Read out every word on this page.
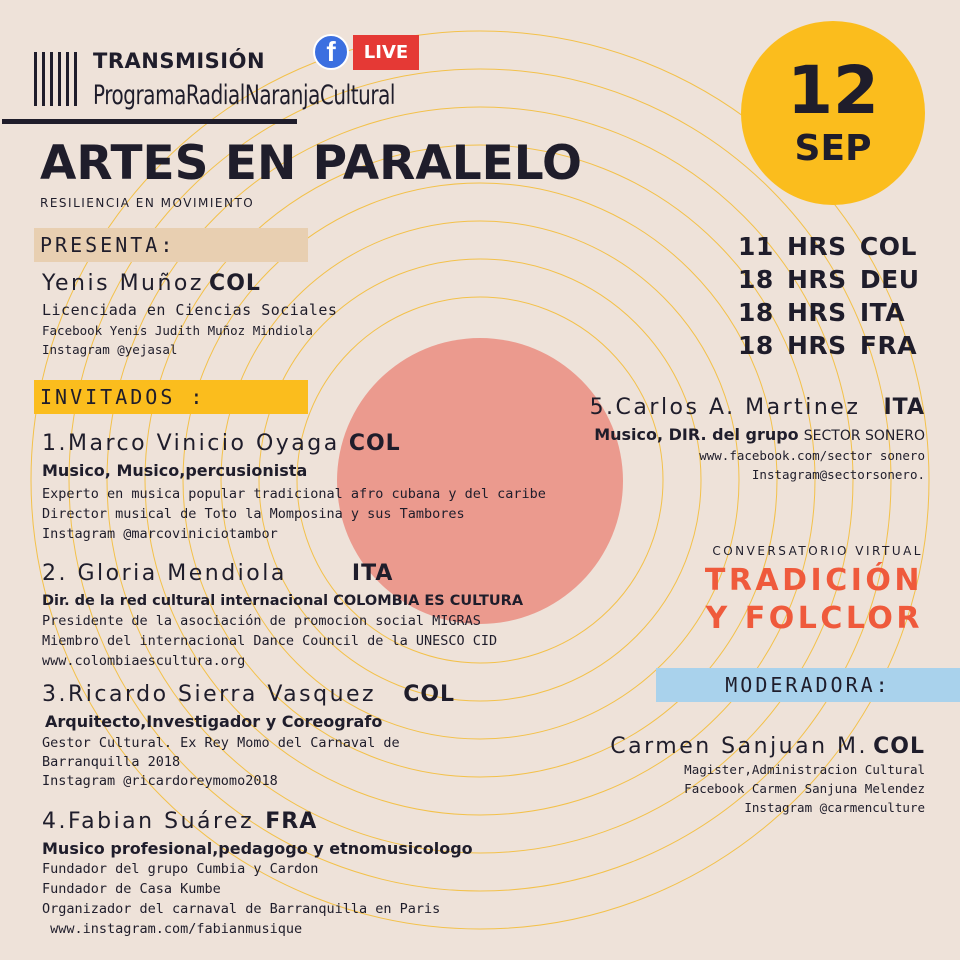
TRANSMISIÓN
ProgramaRadialNaranjaCultural
f	LIVE
ARTES EN PARALELO
RESILIENCIA EN MOVIMIENTO
12
SEP
11 HRS COL
18 HRS DEU
18 HRS ITA
18 HRS FRA
PRESENTA:
Yenis Muñoz COL
Licenciada en Ciencias Sociales
Facebook Yenis Judith Muñoz Mindiola
Instagram @yejasal
INVITADOS :
1.Marco Vinicio Oyaga COL
Musico, Musico,percusionista
Experto en musica popular tradicional afro cubana y del caribe
Director musical de Toto la Momposina y sus Tambores
Instagram @marcoviniciotambor
2. Gloria Mendiola	ITA
Dir. de la red cultural internacional COLOMBIA ES CULTURA
Presidente de la asociación de promocion social MIGRAS
Miembro del internacional Dance Council de la UNESCO CID
www.colombiaescultura.org
3.Ricardo Sierra Vasquez COL
Arquitecto,Investigador y Coreografo
Gestor Cultural. Ex Rey Momo del Carnaval de
Barranquilla 2018
Instagram @ricardoreymomo2018
4.Fabian Suárez FRA
Musico profesional,pedagogo y etnomusicologo
Fundador del grupo Cumbia y Cardon
Fundador de Casa Kumbe
Organizador del carnaval de Barranquilla en Paris
www.instagram.com/fabianmusique
5.Carlos A. Martinez ITA
Musico, DIR. del grupo SECTOR SONERO
www.facebook.com/sector sonero
Instagram@sectorsonero.
CONVERSATORIO VIRTUAL
TRADICIÓN
Y FOLCLOR
MODERADORA:
Carmen Sanjuan M. COL
Magister,Administracion Cultural
Facebook Carmen Sanjuna Melendez
Instagram @carmenculture
